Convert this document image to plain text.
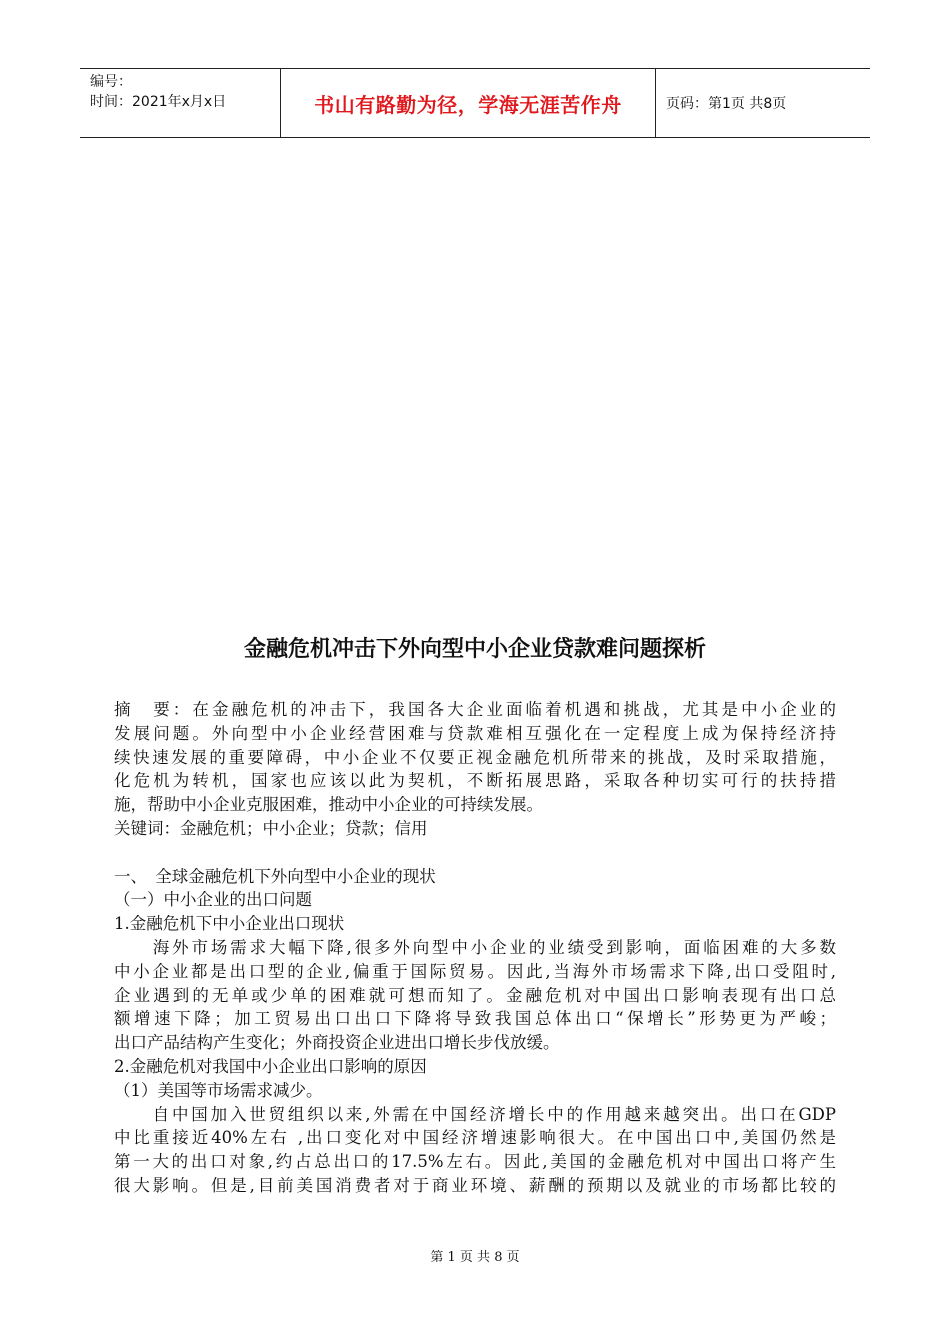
编号：
时间：2021年x月x日	书山有路勤为径，学海无涯苦作舟	页码：第1页 共8页
金融危机冲击下外向型中小企业贷款难问题探析
摘　要：在金融危机的冲击下，我国各大企业面临着机遇和挑战，尤其是中小企业的
发展问题。外向型中小企业经营困难与贷款难相互强化在一定程度上成为保持经济持
续快速发展的重要障碍，中小企业不仅要正视金融危机所带来的挑战，及时采取措施，
化危机为转机，国家也应该以此为契机，不断拓展思路，采取各种切实可行的扶持措
施，帮助中小企业克服困难，推动中小企业的可持续发展。
关键词：金融危机；中小企业；贷款；信用
一、　全球金融危机下外向型中小企业的现状
（一）中小企业的出口问题
1.金融危机下中小企业出口现状
　　海外市场需求大幅下降,很多外向型中小企业的业绩受到影响，面临困难的大多数
中小企业都是出口型的企业,偏重于国际贸易。因此,当海外市场需求下降,出口受阻时,
企业遇到的无单或少单的困难就可想而知了。金融危机对中国出口影响表现有出口总
额增速下降；加工贸易出口出口下降将导致我国总体出口“保增长”形势更为严峻；
出口产品结构产生变化；外商投资企业进出口增长步伐放缓。
2.金融危机对我国中小企业出口影响的原因
（1）美国等市场需求减少。
　　自中国加入世贸组织以来,外需在中国经济增长中的作用越来越突出。出口在GDP
中比重接近40%左右 ,出口变化对中国经济增速影响很大。在中国出口中,美国仍然是
第一大的出口对象,约占总出口的17.5%左右。因此,美国的金融危机对中国出口将产生
很大影响。但是,目前美国消费者对于商业环境、薪酬的预期以及就业的市场都比较的
第 1 页 共 8 页
